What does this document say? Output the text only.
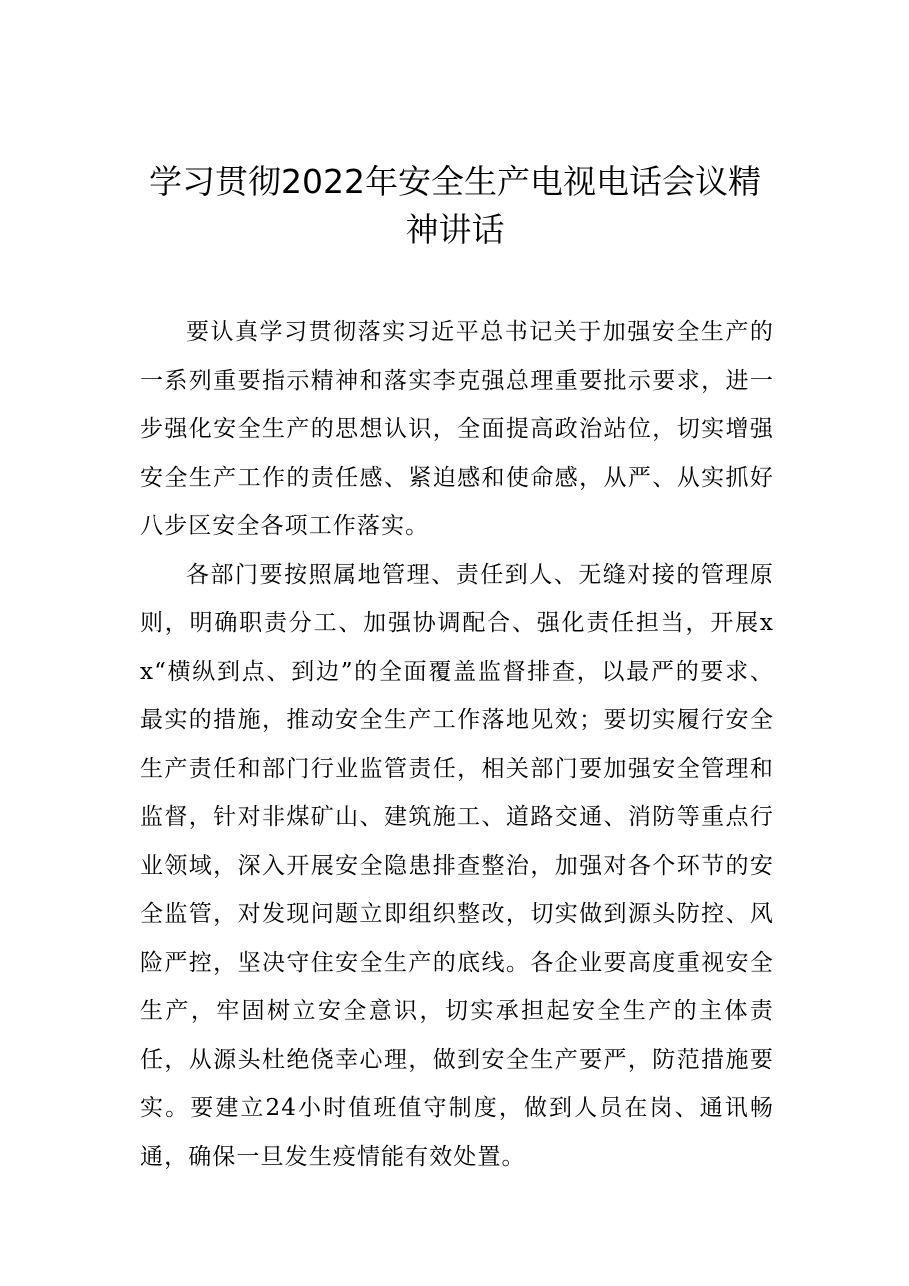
学习贯彻2022年安全生产电视电话会议精
神讲话

要认真学习贯彻落实习近平总书记关于加强安全生产的一系列重要指示精神和落实李克强总理重要批示要求，进一步强化安全生产的思想认识，全面提高政治站位，切实增强安全生产工作的责任感、紧迫感和使命感，从严、从实抓好八步区安全各项工作落实。

各部门要按照属地管理、责任到人、无缝对接的管理原则，明确职责分工、加强协调配合、强化责任担当，开展xx“横纵到点、到边”的全面覆盖监督排查，以最严的要求、最实的措施，推动安全生产工作落地见效；要切实履行安全生产责任和部门行业监管责任，相关部门要加强安全管理和监督，针对非煤矿山、建筑施工、道路交通、消防等重点行业领域，深入开展安全隐患排查整治，加强对各个环节的安全监管，对发现问题立即组织整改，切实做到源头防控、风险严控，坚决守住安全生产的底线。各企业要高度重视安全生产，牢固树立安全意识，切实承担起安全生产的主体责任，从源头杜绝侥幸心理，做到安全生产要严，防范措施要实。要建立24小时值班值守制度，做到人员在岗、通讯畅通，确保一旦发生疫情能有效处置。
